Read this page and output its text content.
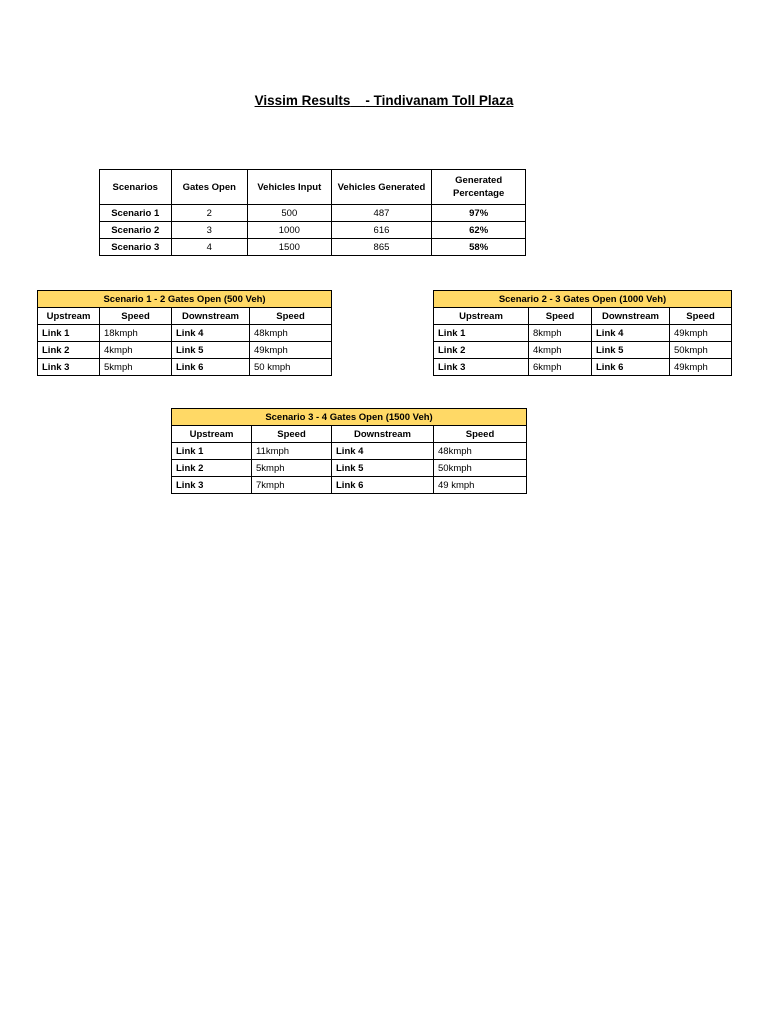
Vissim Results - Tindivanam Toll Plaza
Scenarios	Gates Open	Vehicles Input	Vehicles Generated	Generated Percentage
Scenario 1	2	500	487	97%
Scenario 2	3	1000	616	62%
Scenario 3	4	1500	865	58%
Scenario 1 - 2 Gates Open (500 Veh)			
Upstream	Speed	Downstream	Speed
Link 1	18kmph	Link 4	48kmph
Link 2	4kmph	Link 5	49kmph
Link 3	5kmph	Link 6	50 kmph
Scenario 2 - 3 Gates Open (1000 Veh)			
Upstream	Speed	Downstream	Speed
Link 1	8kmph	Link 4	49kmph
Link 2	4kmph	Link 5	50kmph
Link 3	6kmph	Link 6	49kmph
Scenario 3 - 4 Gates Open (1500 Veh)			
Upstream	Speed	Downstream	Speed
Link 1	11kmph	Link 4	48kmph
Link 2	5kmph	Link 5	50kmph
Link 3	7kmph	Link 6	49 kmph
